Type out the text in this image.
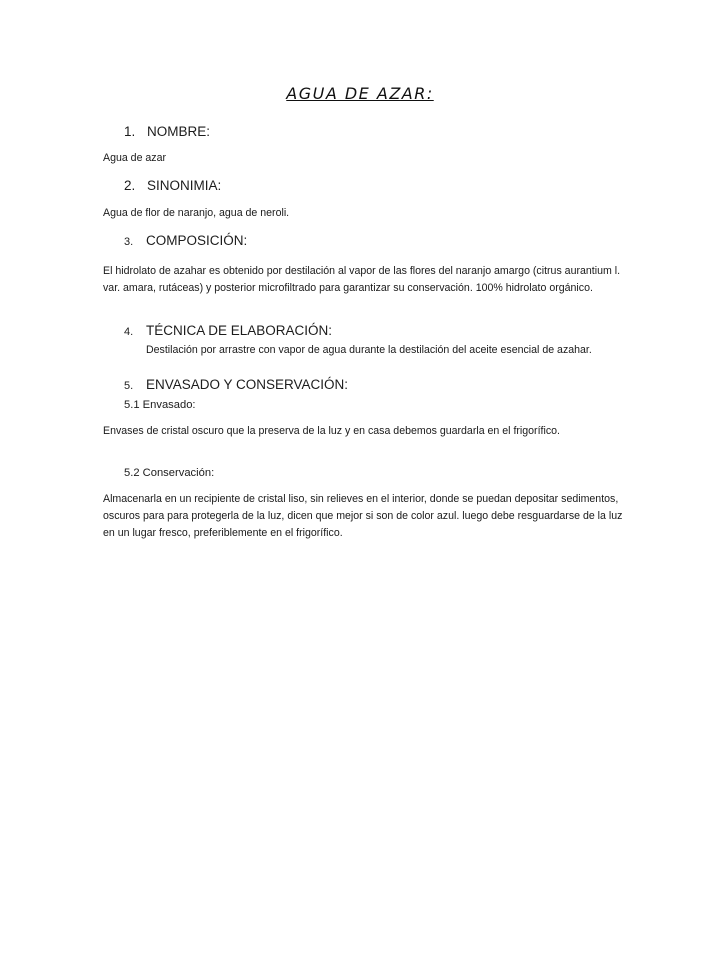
AGUA DE AZAR:
1. NOMBRE:
Agua de azar
2. SINONIMIA:
Agua de flor de naranjo, agua de neroli.
3. COMPOSICIÓN:
El hidrolato de azahar es obtenido por destilación al vapor de las flores del naranjo amargo (citrus aurantium l. var. amara, rutáceas) y posterior microfiltrado para garantizar su conservación. 100% hidrolato orgánico.
4. TÉCNICA DE ELABORACIÓN:
Destilación por arrastre con vapor de agua durante la destilación del aceite esencial de azahar.
5. ENVASADO Y CONSERVACIÓN:
5.1 Envasado:
Envases de cristal oscuro que la preserva de la luz y en casa debemos guardarla en el frigorífico.
5.2 Conservación:
Almacenarla en un recipiente de cristal liso, sin relieves en el interior, donde se puedan depositar sedimentos, oscuros para para protegerla de la luz, dicen que mejor si son de color azul. luego debe resguardarse de la luz en un lugar fresco, preferiblemente en el frigorífico.
